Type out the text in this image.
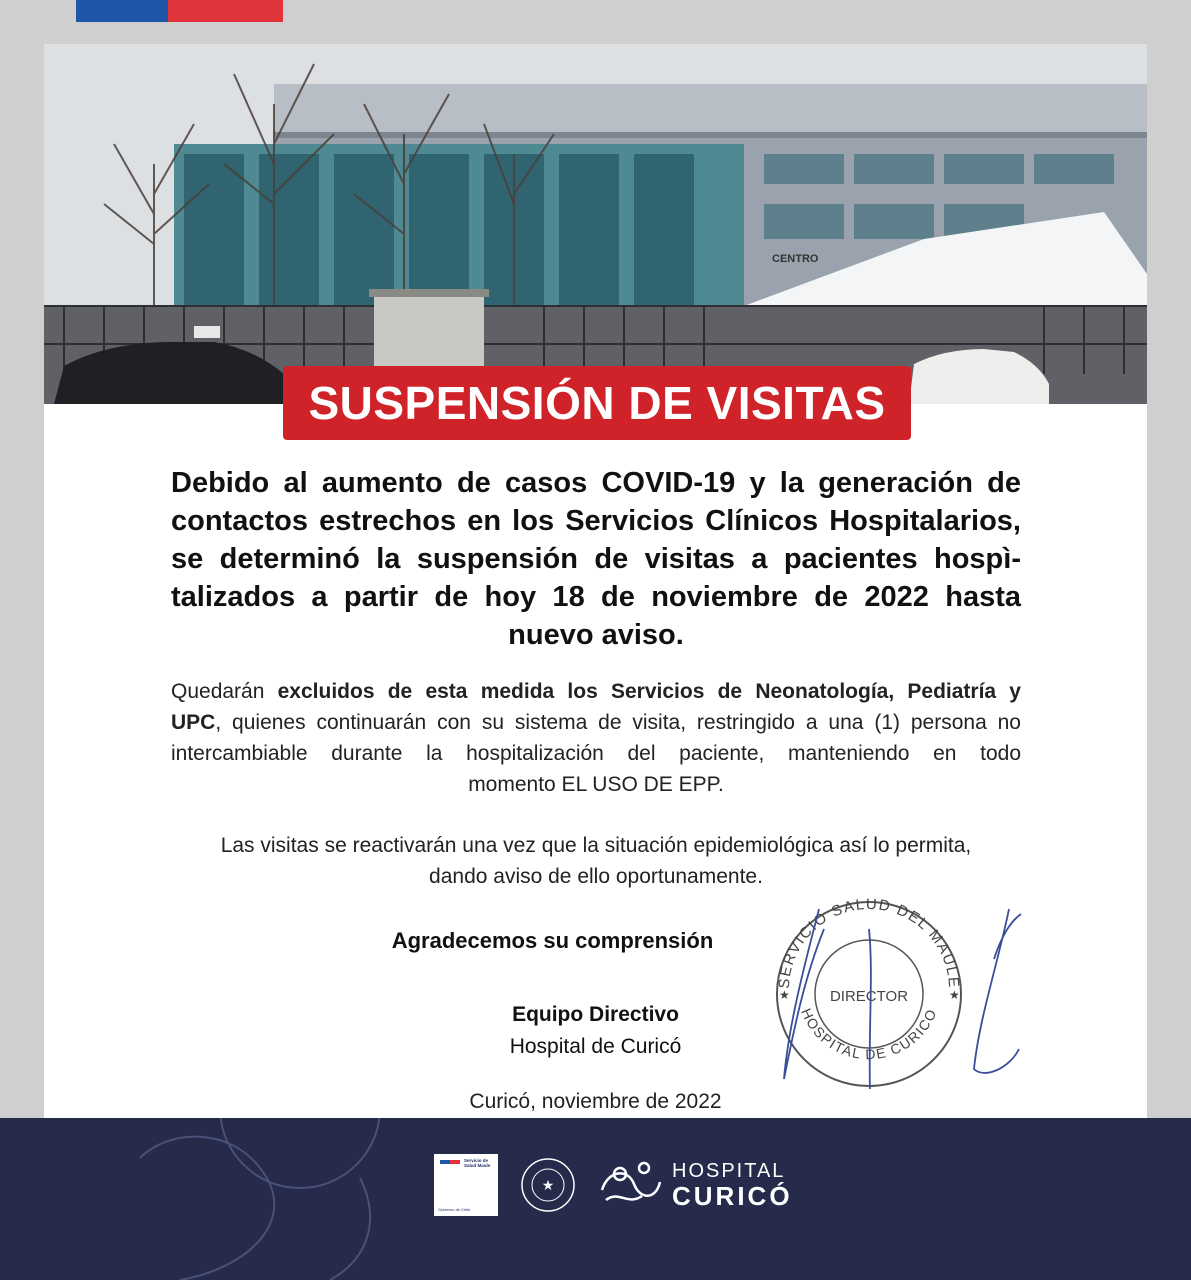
CENTRO
SUSPENSIÓN DE VISITAS
Debido al aumento de casos COVID-19 y la generación de
contactos estrechos en los Servicios Clínicos Hospitalarios,
se determinó la suspensión de visitas a pacientes hospì-
talizados a partir de hoy 18 de noviembre de 2022 hasta
nuevo aviso.
Quedarán excluidos de esta medida los Servicios de Neonatología, Pediatría y
UPC, quienes continuarán con su sistema de visita, restringido a una (1) persona no
intercambiable durante la hospitalización del paciente, manteniendo en todo
momento EL USO DE EPP.
Las visitas se reactivarán una vez que la situación epidemiológica así lo permita,
dando aviso de ello oportunamente.
Agradecemos su comprensión
Equipo Directivo
Hospital de Curicó
Curicó, noviembre de 2022
SERVICIO SALUD DEL MAULE
DIRECTOR
HOSPITAL DE CURICO
★	★
Servicio de Salud Maule
Gobierno de Chile
★
HOSPITAL
CURICÓ
